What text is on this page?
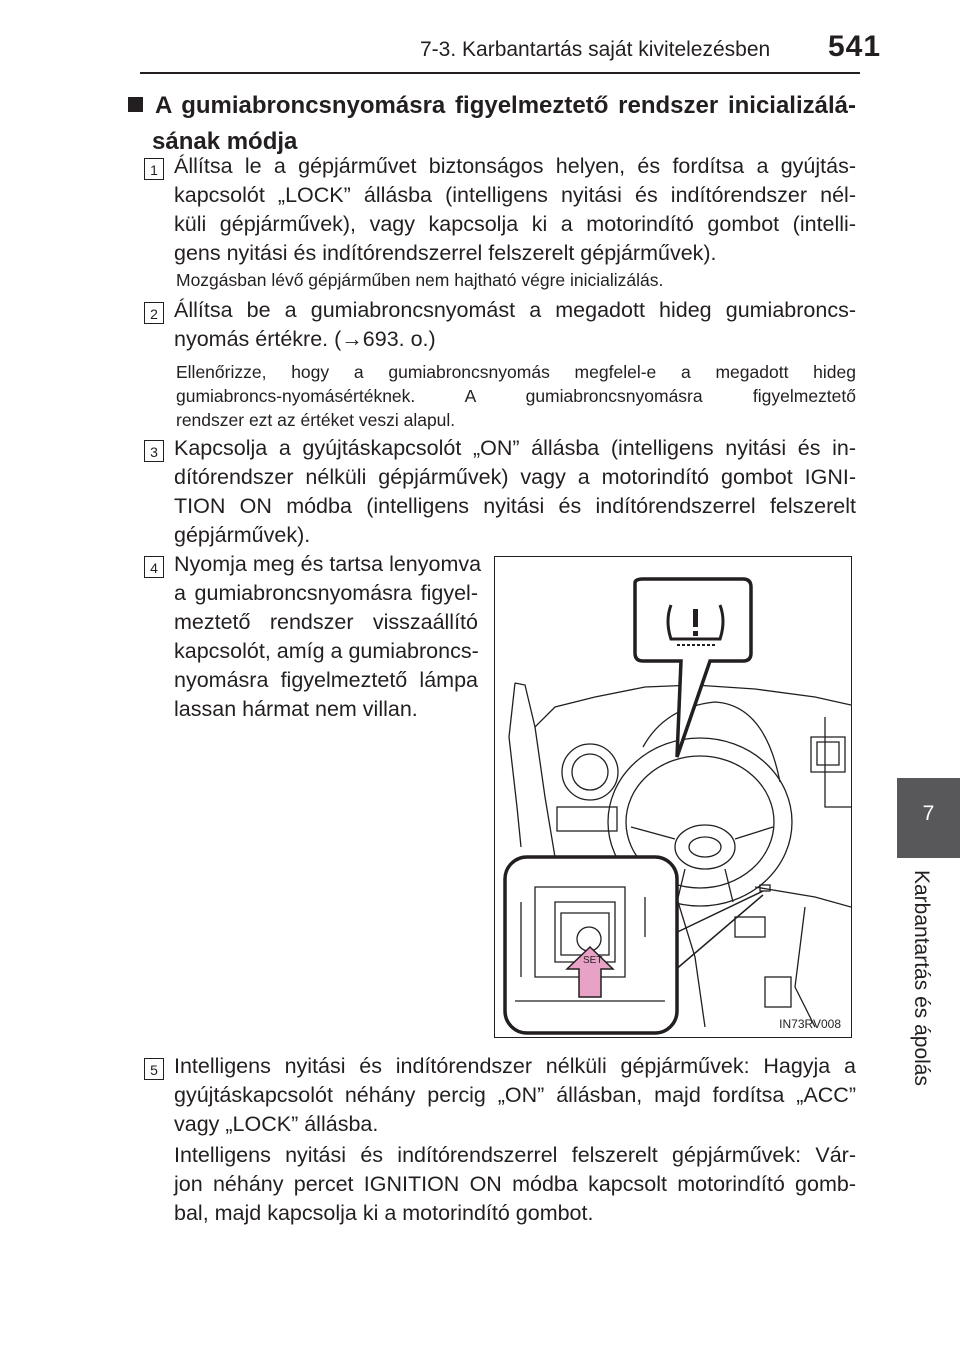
7-3. Karbantartás saját kivitelezésben 541
7
Karbantartás és ápolás
A gumiabroncsnyomásra figyelmeztető rendszer inicializálá-
sának módja
1 Állítsa le a gépjárművet biztonságos helyen, és fordítsa a gyújtás-
kapcsolót „LOCK” állásba (intelligens nyitási és indítórendszer nél-
küli gépjárművek), vagy kapcsolja ki a motorindító gombot (intelli-
gens nyitási és indítórendszerrel felszerelt gépjárművek).
Mozgásban lévő gépjárműben nem hajtható végre inicializálás.
2 Állítsa be a gumiabroncsnyomást a megadott hideg gumiabroncs-
nyomás értékre. (→693. o.)
Ellenőrizze, hogy a gumiabroncsnyomás megfelel-e a megadott hideg
gumiabroncs-nyomásértéknek. A gumiabroncsnyomásra figyelmeztető
rendszer ezt az értéket veszi alapul.
3 Kapcsolja a gyújtáskapcsolót „ON” állásba (intelligens nyitási és in-
dítórendszer nélküli gépjárművek) vagy a motorindító gombot IGNI-
TION ON módba (intelligens nyitási és indítórendszerrel felszerelt
gépjárművek).
4 Nyomja meg és tartsa lenyomva
a gumiabroncsnyomásra figyel-
meztető rendszer visszaállító
kapcsolót, amíg a gumiabroncs-
nyomásra figyelmeztető lámpa
lassan hármat nem villan.
SET
IN73RV008
5 Intelligens nyitási és indítórendszer nélküli gépjárművek: Hagyja a
gyújtáskapcsolót néhány percig „ON” állásban, majd fordítsa „ACC”
vagy „LOCK” állásba.
Intelligens nyitási és indítórendszerrel felszerelt gépjárművek: Vár-
jon néhány percet IGNITION ON módba kapcsolt motorindító gomb-
bal, majd kapcsolja ki a motorindító gombot.
